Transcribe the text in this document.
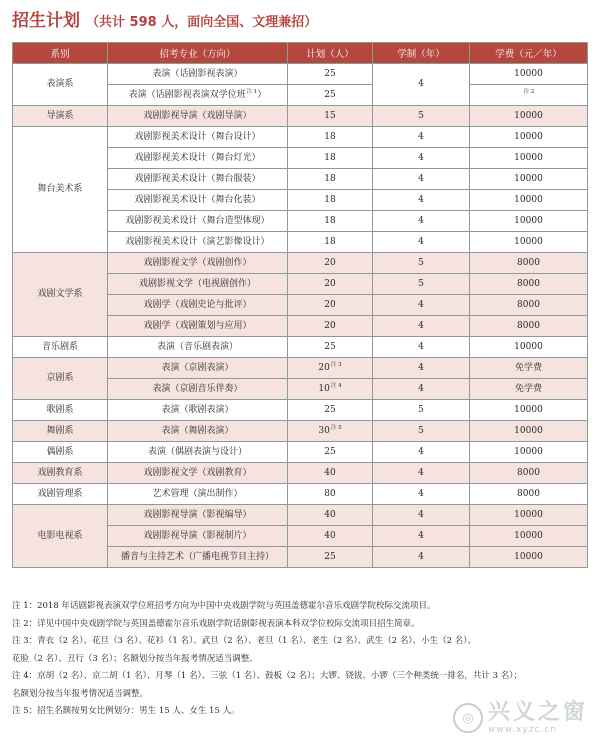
招生计划 （共计 598 人，面向全国、文理兼招）
系别	招考专业（方向）	计划（人）	学制（年）	学费（元／年）
表演系	表演（话剧影视表演）	25	4	10000
	表演（话剧影视表演双学位班$^{注 1}$）	25		$^{注 2}$
导演系	戏剧影视导演（戏剧导演）	15	5	10000
舞台美术系	戏剧影视美术设计（舞台设计）	18	4	10000
	戏剧影视美术设计（舞台灯光）	18	4	10000
	戏剧影视美术设计（舞台服装）	18	4	10000
	戏剧影视美术设计（舞台化装）	18	4	10000
	戏剧影视美术设计（舞台造型体现）	18	4	10000
	戏剧影视美术设计（演艺影像设计）	18	4	10000
戏剧文学系	戏剧影视文学（戏剧创作）	20	5	8000
	戏剧影视文学（电视剧创作）	20	5	8000
	戏剧学（戏剧史论与批评）	20	4	8000
	戏剧学（戏剧策划与应用）	20	4	8000
音乐剧系	表演（音乐剧表演）	25	4	10000
京剧系	表演（京剧表演）	$20^{注 3}$	4	免学费
	表演（京剧音乐伴奏）	$10^{注 4}$	4	免学费
歌剧系	表演（歌剧表演）	25	5	10000
舞剧系	表演（舞剧表演）	$30^{注 5}$	5	10000
偶剧系	表演（偶剧表演与设计）	25	4	10000
戏剧教育系	戏剧影视文学（戏剧教育）	40	4	8000
戏剧管理系	艺术管理（演出制作）	80	4	8000
电影电视系	戏剧影视导演（影视编导）	40	4	10000
	戏剧影视导演（影视制片）	40	4	10000
	播音与主持艺术（广播电视节目主持）	25	4	10000
注 1：2018 年话剧影视表演双学位班招考方向为中国中央戏剧学院与英国盖德霍尔音乐戏剧学院校际交流项目。
注 2：详见中国中央戏剧学院与英国盖德霍尔音乐戏剧学院话剧影视表演本科双学位校际交流项目招生简章。
注 3：青衣（2 名）、花旦（3 名）、花衫（1 名）、武旦（2 名）、老旦（1 名）、老生（2 名）、武生（2 名）、小生（2 名）、
花脸（2 名）、丑行（3 名）；名额划分按当年报考情况适当调整。
注 4：京胡（2 名）、京二胡（1 名）、月琴（1 名）、三弦（1 名）、鼓板（2 名）；大锣、铙钹、小锣（三个种类统一排名，共计 3 名）；
名额划分按当年报考情况适当调整。
注 5：招生名额按男女比例划分：男生 15 人、女生 15 人。	◎ 兴义之窗
www.xyzc.cn
